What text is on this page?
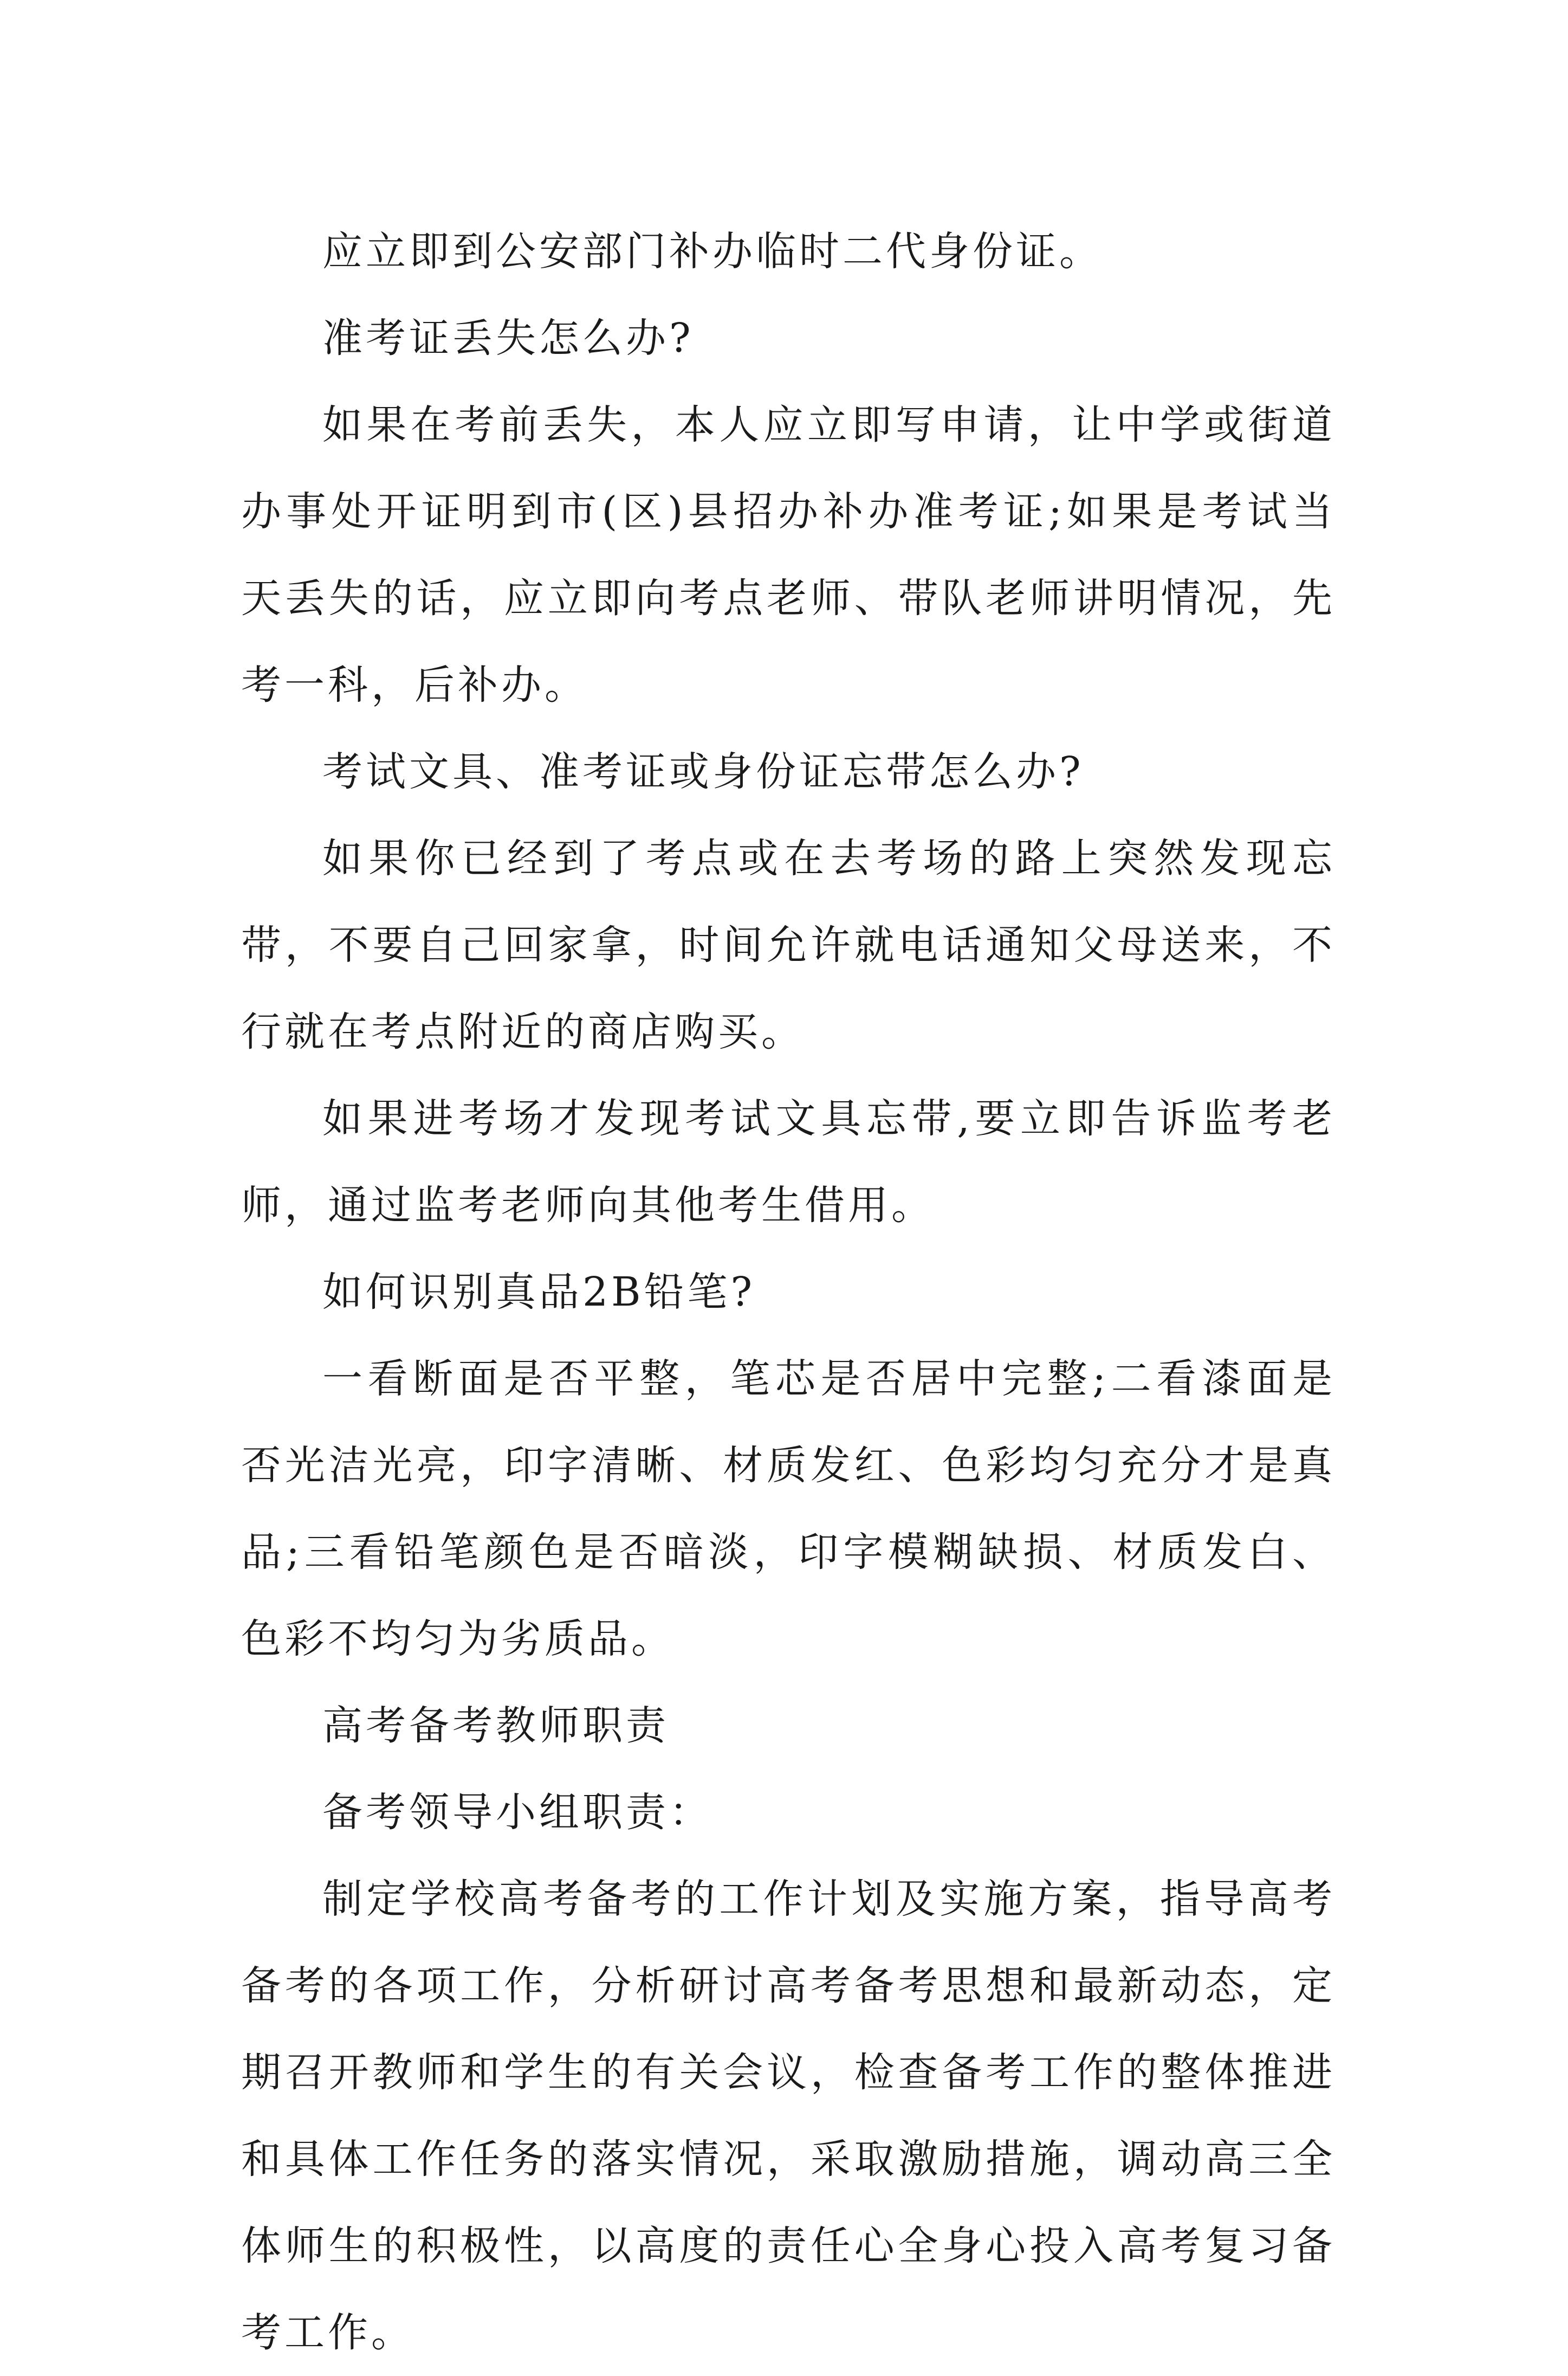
应立即到公安部门补办临时二代身份证。

准考证丢失怎么办?

如果在考前丢失，本人应立即写申请，让中学或街道办事处开证明到市(区)县招办补办准考证;如果是考试当天丢失的话，应立即向考点老师、带队老师讲明情况，先考一科，后补办。

考试文具、准考证或身份证忘带怎么办?

如果你已经到了考点或在去考场的路上突然发现忘带，不要自己回家拿，时间允许就电话通知父母送来，不行就在考点附近的商店购买。

如果进考场才发现考试文具忘带,要立即告诉监考老师，通过监考老师向其他考生借用。

如何识别真品2B铅笔?

一看断面是否平整，笔芯是否居中完整;二看漆面是否光洁光亮，印字清晰、材质发红、色彩均匀充分才是真品;三看铅笔颜色是否暗淡，印字模糊缺损、材质发白、色彩不均匀为劣质品。

高考备考教师职责

备考领导小组职责：

制定学校高考备考的工作计划及实施方案，指导高考备考的各项工作，分析研讨高考备考思想和最新动态，定期召开教师和学生的有关会议，检查备考工作的整体推进和具体工作任务的落实情况，采取激励措施，调动高三全体师生的积极性，以高度的责任心全身心投入高考复习备考工作。
